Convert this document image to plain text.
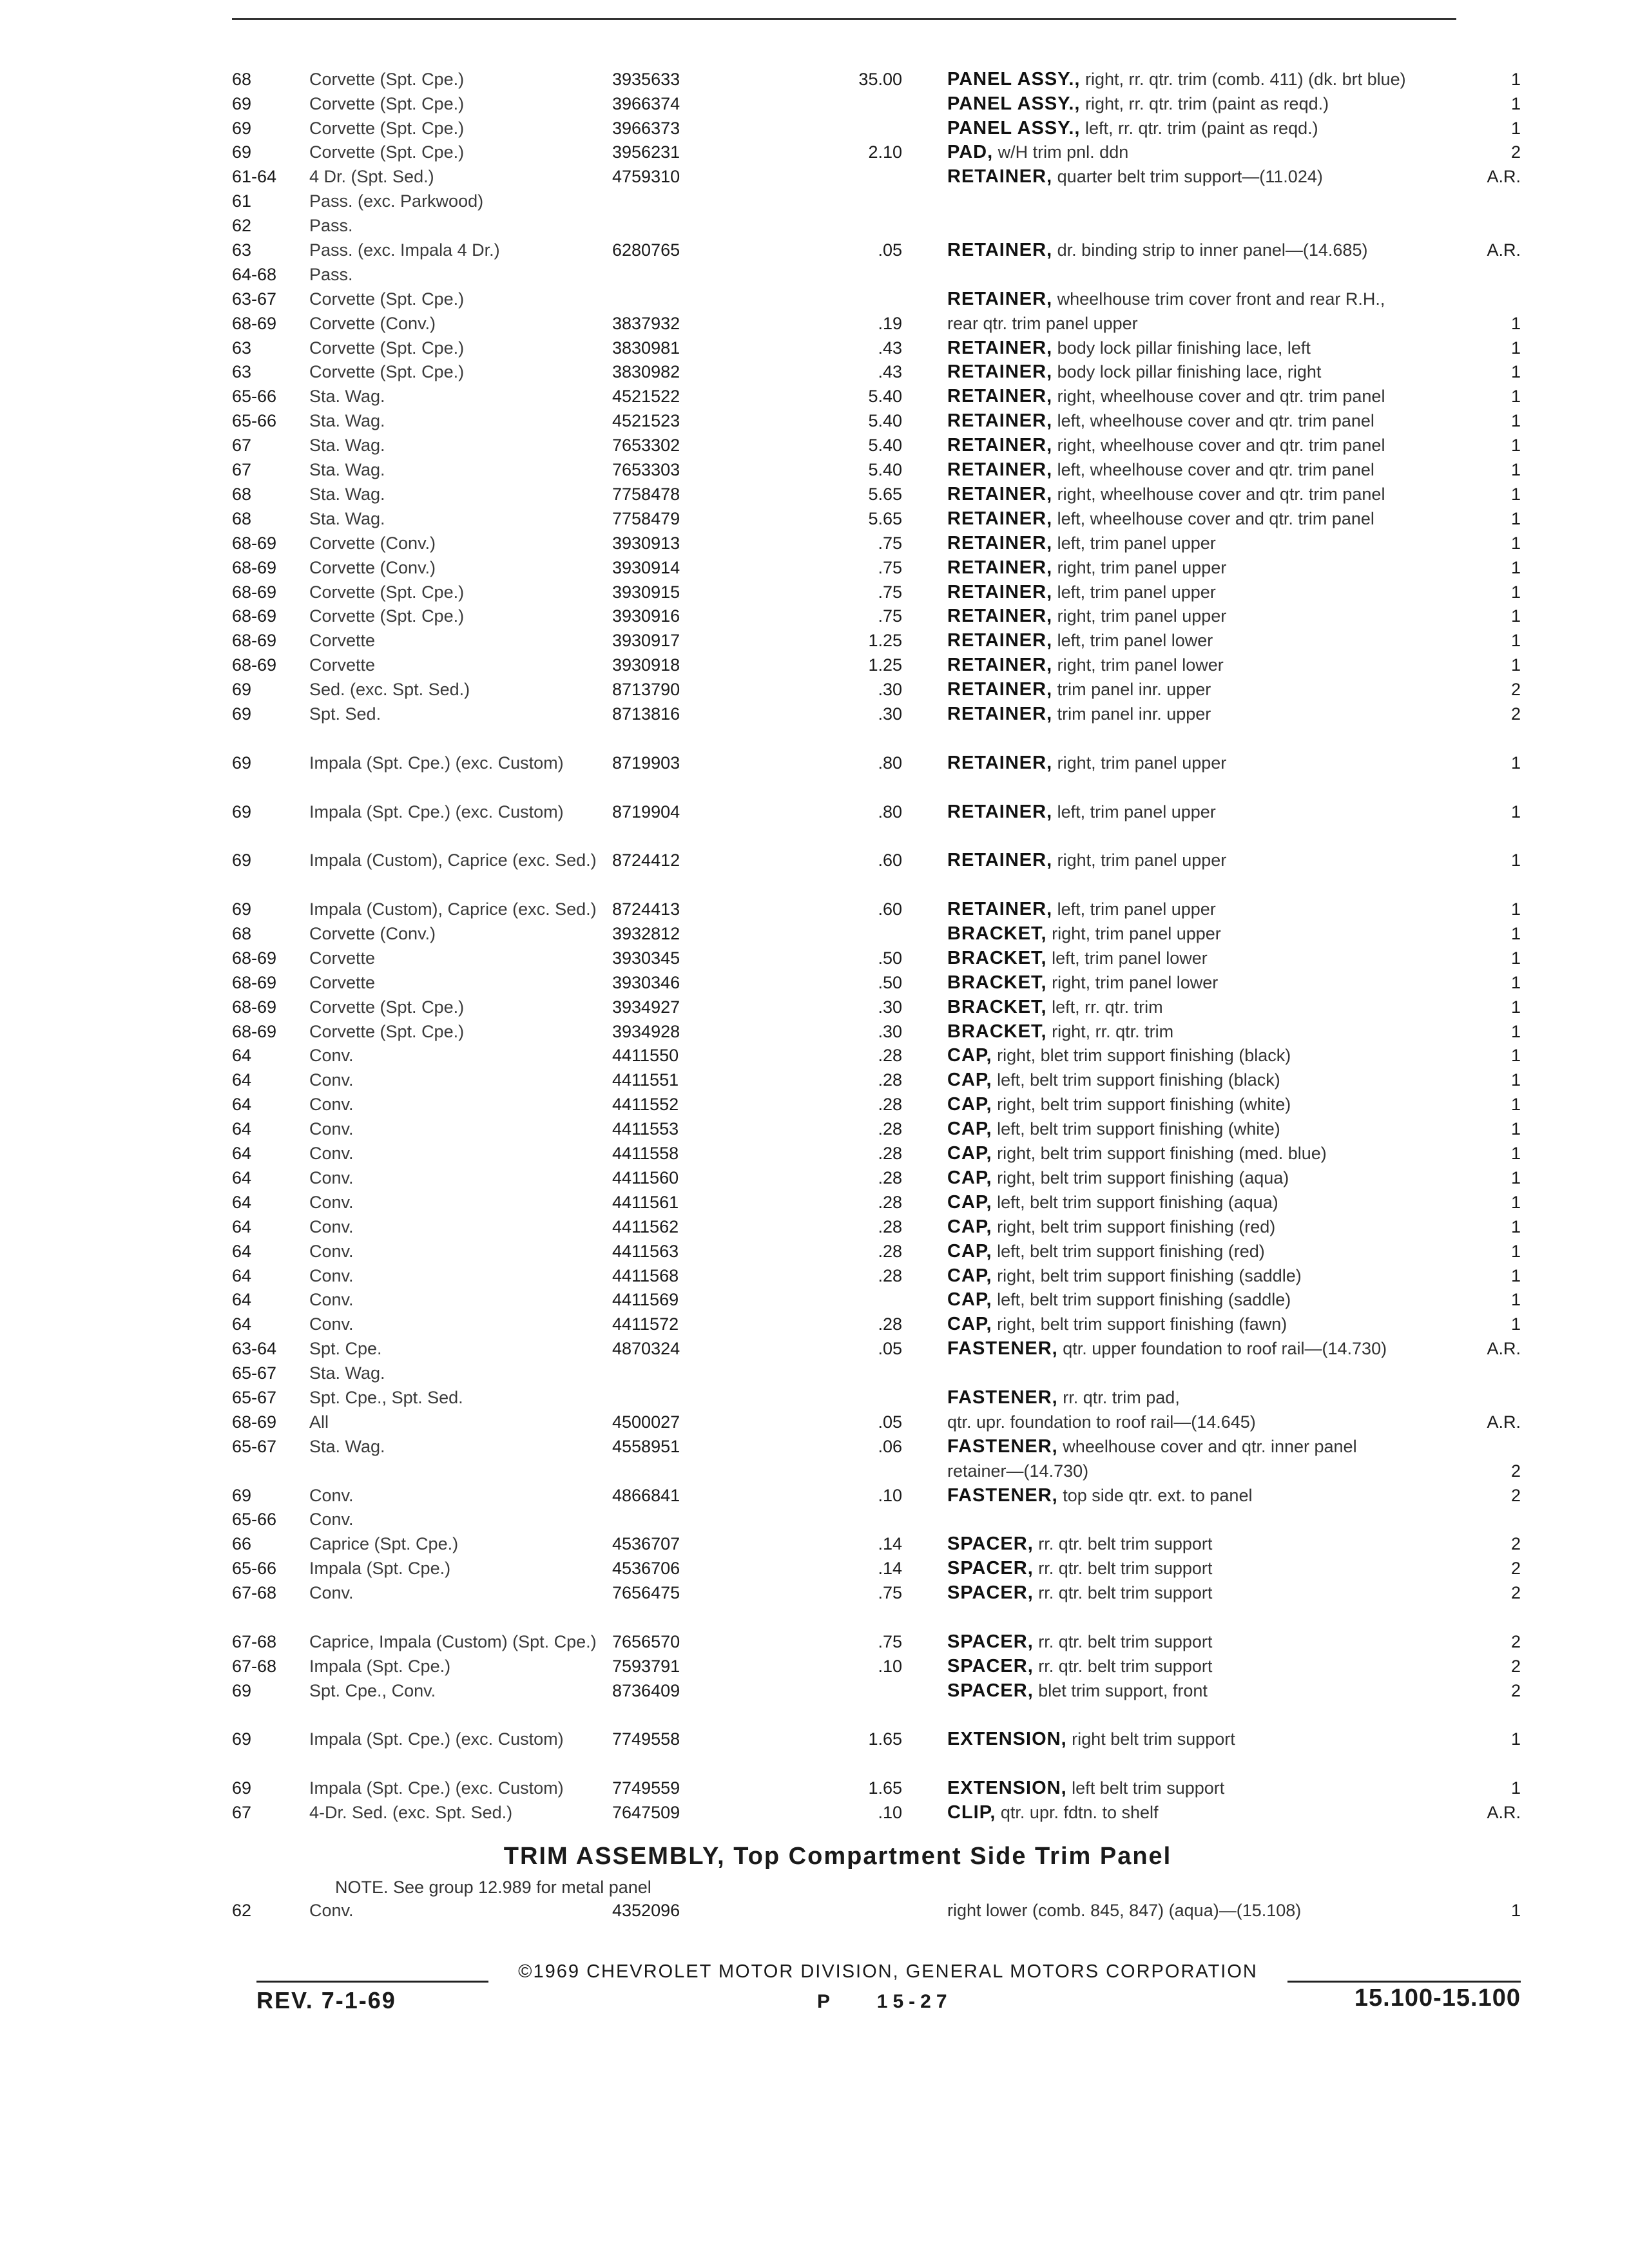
68	Corvette (Spt. Cpe.)	3935633	35.00 PANEL ASSY., right, rr. qtr. trim (comb. 411) (dk. brt blue)	1
69	Corvette (Spt. Cpe.)	3966374	PANEL ASSY., right, rr. qtr. trim (paint as reqd.)	1
69	Corvette (Spt. Cpe.)	3966373	PANEL ASSY., left, rr. qtr. trim (paint as reqd.)	1
69	Corvette (Spt. Cpe.)	3956231	2.10 PAD, w/H trim pnl. ddn	2
61-64	4 Dr. (Spt. Sed.)	4759310	RETAINER, quarter belt trim support—(11.024)	A.R.
61	Pass. (exc. Parkwood)
62	Pass.
63	Pass. (exc. Impala 4 Dr.)	6280765	.05 RETAINER, dr. binding strip to inner panel—(14.685)	A.R.
64-68	Pass.
63-67	Corvette (Spt. Cpe.)	RETAINER, wheelhouse trim cover front and rear R.H.,
68-69	Corvette (Conv.)	3837932	.19	rear qtr. trim panel upper	1
63	Corvette (Spt. Cpe.)	3830981	.43 RETAINER, body lock pillar finishing lace, left	1
63	Corvette (Spt. Cpe.)	3830982	.43 RETAINER, body lock pillar finishing lace, right	1
65-66	Sta. Wag.	4521522	5.40 RETAINER, right, wheelhouse cover and qtr. trim panel	1
65-66	Sta. Wag.	4521523	5.40 RETAINER, left, wheelhouse cover and qtr. trim panel	1
67	Sta. Wag.	7653302	5.40 RETAINER, right, wheelhouse cover and qtr. trim panel	1
67	Sta. Wag.	7653303	5.40 RETAINER, left, wheelhouse cover and qtr. trim panel	1
68	Sta. Wag.	7758478	5.65 RETAINER, right, wheelhouse cover and qtr. trim panel	1
68	Sta. Wag.	7758479	5.65 RETAINER, left, wheelhouse cover and qtr. trim panel	1
68-69	Corvette (Conv.)	3930913	.75 RETAINER, left, trim panel upper	1
68-69	Corvette (Conv.)	3930914	.75 RETAINER, right, trim panel upper	1
68-69	Corvette (Spt. Cpe.)	3930915	.75 RETAINER, left, trim panel upper	1
68-69	Corvette (Spt. Cpe.)	3930916	.75 RETAINER, right, trim panel upper	1
68-69	Corvette	3930917	1.25 RETAINER, left, trim panel lower	1
68-69	Corvette	3930918	1.25 RETAINER, right, trim panel lower	1
69	Sed. (exc. Spt. Sed.)	8713790	.30 RETAINER, trim panel inr. upper	2
69	Spt. Sed.	8713816	.30 RETAINER, trim panel inr. upper	2
69	Impala (Spt. Cpe.) (exc. Custom)	8719903	.80 RETAINER, right, trim panel upper	1
69	Impala (Spt. Cpe.) (exc. Custom)	8719904	.80 RETAINER, left, trim panel upper	1
69	Impala (Custom), Caprice (exc. Sed.) 8724412	.60 RETAINER, right, trim panel upper	1
69	Impala (Custom), Caprice (exc. Sed.) 8724413	.60 RETAINER, left, trim panel upper	1
68	Corvette (Conv.)	3932812	BRACKET, right, trim panel upper	1
68-69	Corvette	3930345	.50 BRACKET, left, trim panel lower	1
68-69	Corvette	3930346	.50 BRACKET, right, trim panel lower	1
68-69	Corvette (Spt. Cpe.)	3934927	.30 BRACKET, left, rr. qtr. trim	1
68-69	Corvette (Spt. Cpe.)	3934928	.30 BRACKET, right, rr. qtr. trim	1
64	Conv.	4411550	.28 CAP, right, blet trim support finishing (black)	1
64	Conv.	4411551	.28 CAP, left, belt trim support finishing (black)	1
64	Conv.	4411552	.28 CAP, right, belt trim support finishing (white)	1
64	Conv.	4411553	.28 CAP, left, belt trim support finishing (white)	1
64	Conv.	4411558	.28 CAP, right, belt trim support finishing (med. blue)	1
64	Conv.	4411560	.28 CAP, right, belt trim support finishing (aqua)	1
64	Conv.	4411561	.28 CAP, left, belt trim support finishing (aqua)	1
64	Conv.	4411562	.28 CAP, right, belt trim support finishing (red)	1
64	Conv.	4411563	.28 CAP, left, belt trim support finishing (red)	1
64	Conv.	4411568	.28 CAP, right, belt trim support finishing (saddle)	1
64	Conv.	4411569	CAP, left, belt trim support finishing (saddle)	1
64	Conv.	4411572	.28 CAP, right, belt trim support finishing (fawn)	1
63-64	Spt. Cpe.	4870324	.05 FASTENER, qtr. upper foundation to roof rail—(14.730)	A.R.
65-67	Sta. Wag.
65-67	Spt. Cpe., Spt. Sed.	FASTENER, rr. qtr. trim pad,
68-69	All	4500027	.05	qtr. upr. foundation to roof rail—(14.645)	A.R.
65-67	Sta. Wag.	4558951	.06 FASTENER, wheelhouse cover and qtr. inner panel
retainer—(14.730)	2
69	Conv.	4866841	.10 FASTENER, top side qtr. ext. to panel	2
65-66	Conv.
66	Caprice (Spt. Cpe.)	4536707	.14 SPACER, rr. qtr. belt trim support	2
65-66	Impala (Spt. Cpe.)	4536706	.14 SPACER, rr. qtr. belt trim support	2
67-68	Conv.	7656475	.75 SPACER, rr. qtr. belt trim support	2
67-68	Caprice, Impala (Custom) (Spt. Cpe.) 7656570	.75 SPACER, rr. qtr. belt trim support	2
67-68	Impala (Spt. Cpe.)	7593791	.10 SPACER, rr. qtr. belt trim support	2
69	Spt. Cpe., Conv.	8736409	SPACER, blet trim support, front	2
69	Impala (Spt. Cpe.) (exc. Custom)	7749558	1.65 EXTENSION, right belt trim support	1
69	Impala (Spt. Cpe.) (exc. Custom)	7749559	1.65 EXTENSION, left belt trim support	1
67	4-Dr. Sed. (exc. Spt. Sed.)	7647509	.10 CLIP, qtr. upr. fdtn. to shelf	A.R.
TRIM ASSEMBLY, Top Compartment Side Trim Panel
NOTE. See group 12.989 for metal panel
62	Conv.	4352096	right lower (comb. 845, 847) (aqua)—(15.108)	1
©1969 CHEVROLET MOTOR DIVISION, GENERAL MOTORS CORPORATION
REV. 7-1-69	P    15-27	15.100-15.100
